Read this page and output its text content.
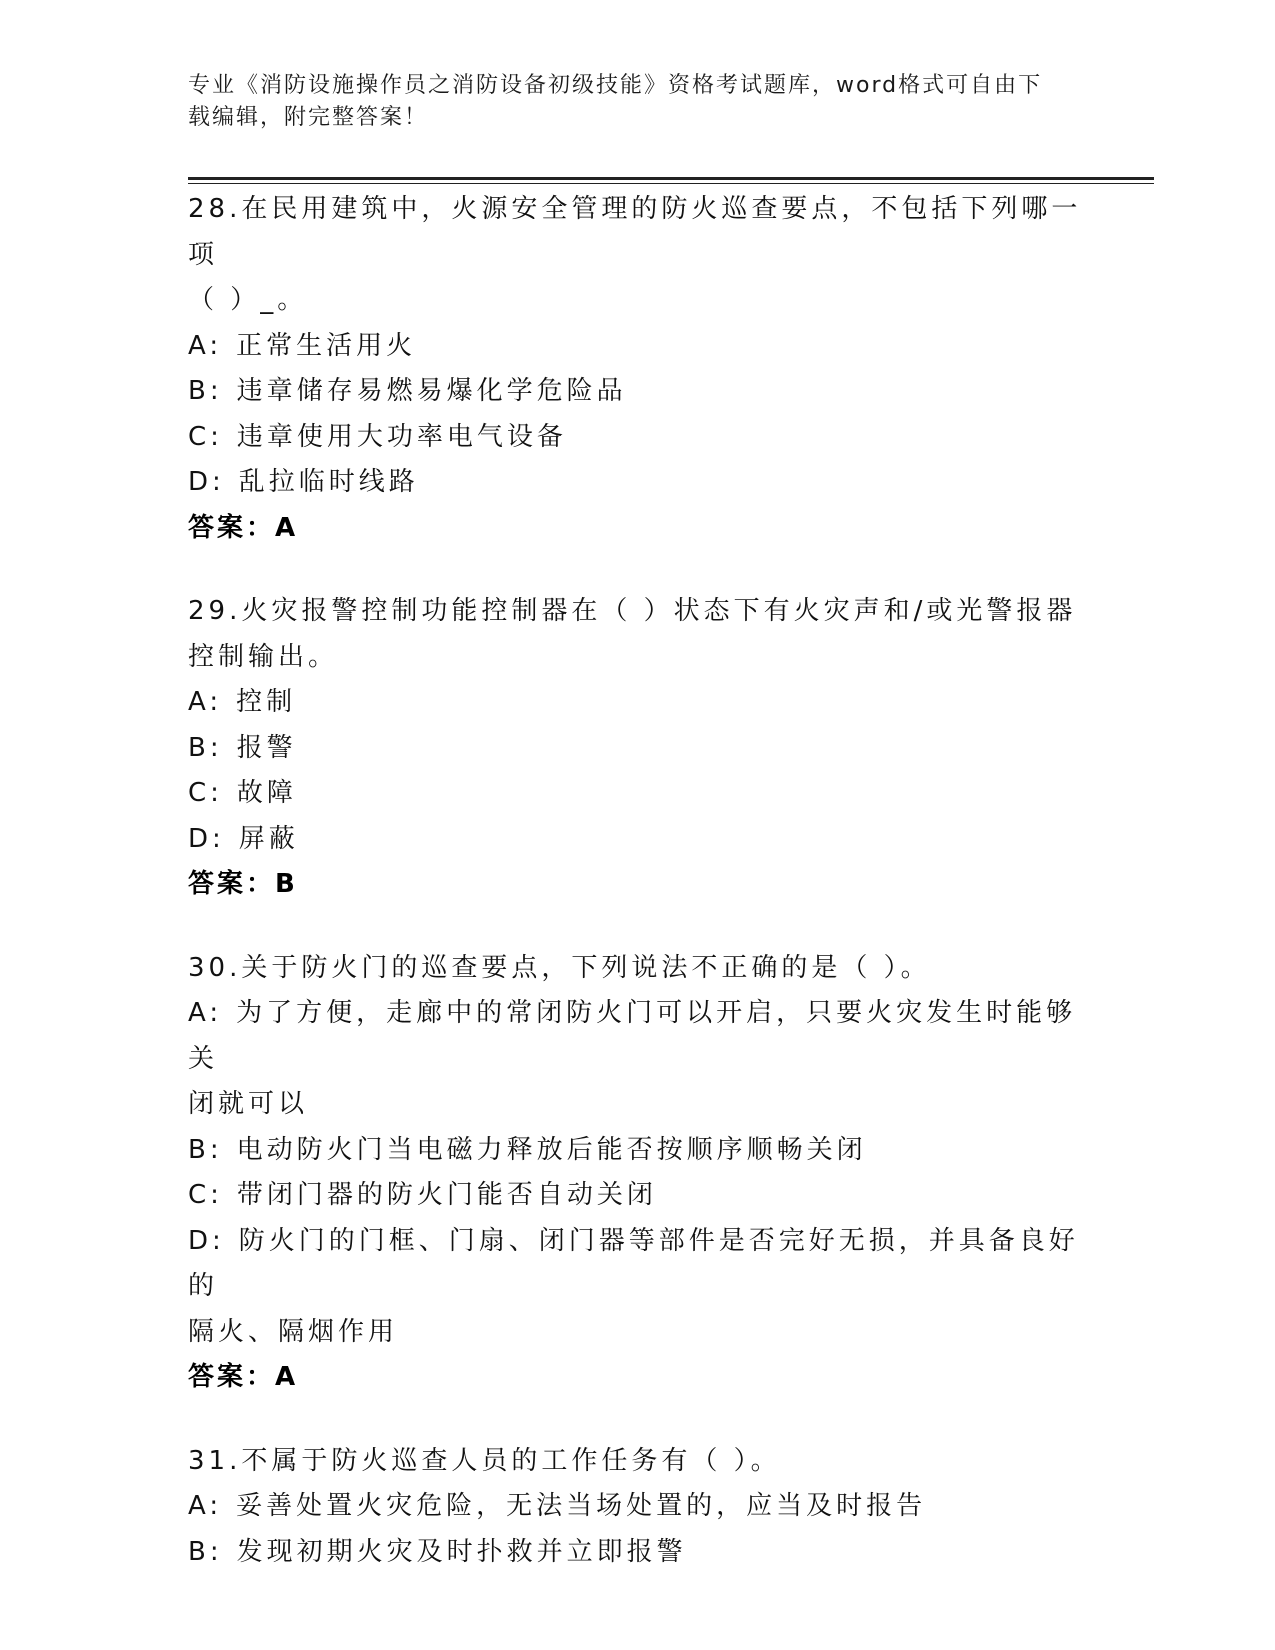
专业《消防设施操作员之消防设备初级技能》资格考试题库，word格式可自由下
载编辑，附完整答案！
28.在民用建筑中，火源安全管理的防火巡查要点，不包括下列哪一项
（ ）_。
A: 正常生活用火
B: 违章储存易燃易爆化学危险品
C: 违章使用大功率电气设备
D: 乱拉临时线路
答案：A
29.火灾报警控制功能控制器在（ ）状态下有火灾声和/或光警报器
控制输出。
A: 控制
B: 报警
C: 故障
D: 屏蔽
答案：B
30.关于防火门的巡查要点，下列说法不正确的是（ ）。
A: 为了方便，走廊中的常闭防火门可以开启，只要火灾发生时能够关
闭就可以
B: 电动防火门当电磁力释放后能否按顺序顺畅关闭
C: 带闭门器的防火门能否自动关闭
D: 防火门的门框、门扇、闭门器等部件是否完好无损，并具备良好的
隔火、隔烟作用
答案：A
31.不属于防火巡查人员的工作任务有（ ）。
A: 妥善处置火灾危险，无法当场处置的，应当及时报告
B: 发现初期火灾及时扑救并立即报警
